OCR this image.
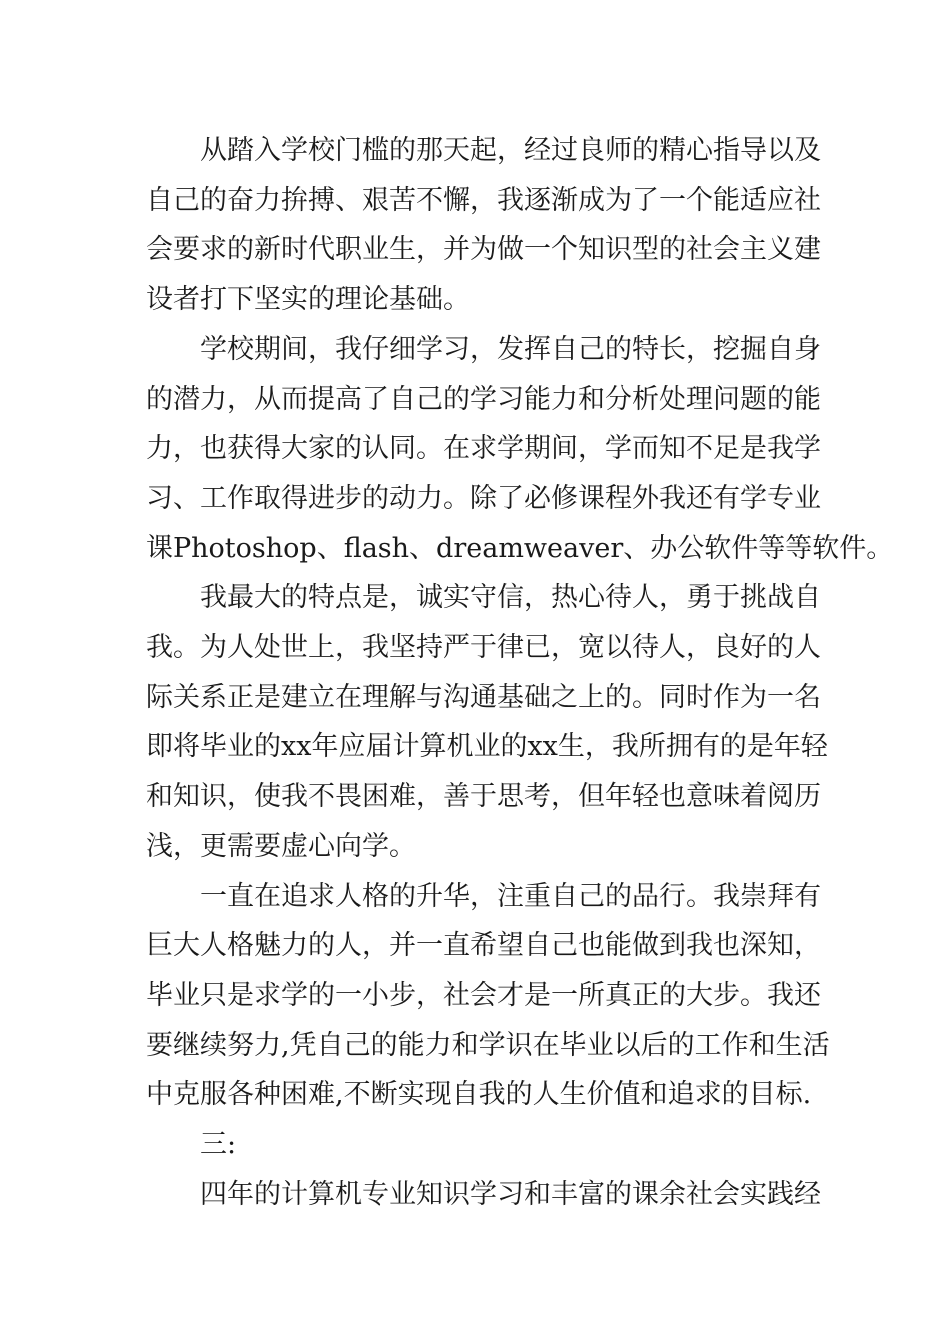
从踏入学校门槛的那天起，经过良师的精心指导以及
自己的奋力拚搏、艰苦不懈，我逐渐成为了一个能适应社
会要求的新时代职业生，并为做一个知识型的社会主义建
设者打下坚实的理论基础。
学校期间，我仔细学习，发挥自己的特长，挖掘自身
的潜力，从而提高了自己的学习能力和分析处理问题的能
力，也获得大家的认同。在求学期间，学而知不足是我学
习、工作取得进步的动力。除了必修课程外我还有学专业
课Photoshop、flash、dreamweaver、办公软件等等软件。
我最大的特点是，诚实守信，热心待人，勇于挑战自
我。为人处世上，我坚持严于律已，宽以待人，良好的人
际关系正是建立在理解与沟通基础之上的。同时作为一名
即将毕业的xx年应届计算机业的xx生，我所拥有的是年轻
和知识，使我不畏困难，善于思考，但年轻也意味着阅历
浅，更需要虚心向学。
一直在追求人格的升华，注重自己的品行。我崇拜有
巨大人格魅力的人，并一直希望自己也能做到我也深知，
毕业只是求学的一小步，社会才是一所真正的大步。我还
要继续努力,凭自己的能力和学识在毕业以后的工作和生活
中克服各种困难,不断实现自我的人生价值和追求的目标.
三:
四年的计算机专业知识学习和丰富的课余社会实践经
